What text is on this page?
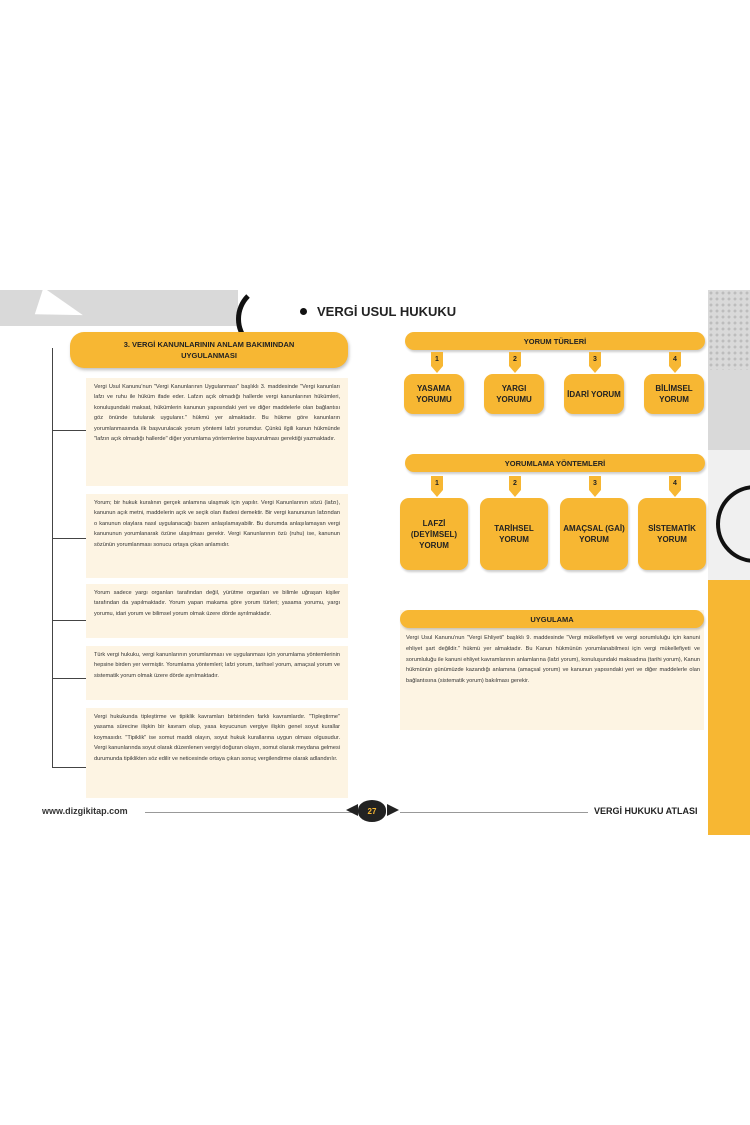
VERGİ USUL HUKUKU
3. VERGİ KANUNLARININ ANLAM BAKIMINDAN
UYGULANMASI
Vergi Usul Kanunu'nun "Vergi Kanunlarının Uygulanması" başlıklı 3. maddesinde "Vergi kanunları lafzı ve ruhu ile hüküm ifade eder. Lafzın açık olmadığı hallerde vergi kanunlarının hükümleri, konuluşundaki maksat, hükümlerin kanunun yapısındaki yeri ve diğer maddelerle olan bağlantısı göz önünde tutularak uygulanır." hükmü yer almaktadır. Bu hükme göre kanunların yorumlanmasında ilk başvurulacak yorum yöntemi lafzi yorumdur. Çünkü ilgili kanun hükmünde "lafzın açık olmadığı hallerde" diğer yorumlama yöntemlerine başvurulması gerektiği yazmaktadır.
Yorum; bir hukuk kuralının gerçek anlamına ulaşmak için yapılır. Vergi Kanunlarının sözü (lafzı), kanunun açık metni, maddelerin açık ve seçik olan ifadesi demektir. Bir vergi kanununun lafzından o kanunun olaylara nasıl uygulanacağı bazen anlaşılamayabilir. Bu durumda anlaşılamayan vergi kanununun yorumlanarak özüne ulaşılması gerekir. Vergi Kanunlarının özü (ruhu) ise, kanunun sözünün yorumlanması sonucu ortaya çıkan anlamıdır.
Yorum sadece yargı organları tarafından değil, yürütme organları ve bilimle uğraşan kişiler tarafından da yapılmaktadır. Yorum yapan makama göre yorum türleri; yasama yorumu, yargı yorumu, idari yorum ve bilimsel yorum olmak üzere dörde ayrılmaktadır.
Türk vergi hukuku, vergi kanunlarının yorumlanması ve uygulanması için yorumlama yöntemlerinin hepsine birden yer vermiştir. Yorumlama yöntemleri; lafzi yorum, tarihsel yorum, amaçsal yorum ve sistematik yorum olmak üzere dörde ayrılmaktadır.
Vergi hukukunda tipleştirme ve tipiklik kavramları birbirinden farklı kavramlardır. "Tipleştirme" yasama sürecine ilişkin bir kavram olup, yasa koyucunun vergiye ilişkin genel soyut kurallar koymasıdır. "Tipiklik" ise somut maddi olayın, soyut hukuk kurallarına uygun olması olgusudur. Vergi kanunlarında soyut olarak düzenlenen vergiyi doğuran olayın, somut olarak meydana gelmesi durumunda tipiklikten söz edilir ve neticesinde ortaya çıkan sonuç vergilendirme olarak adlandırılır.
YORUM TÜRLERİ
1
YASAMA YORUMU
2
YARGI YORUMU
3
İDARİ YORUM
4
BİLİMSEL YORUM
YORUMLAMA YÖNTEMLERİ
1
LAFZİ (DEYİMSEL) YORUM
2
TARİHSEL YORUM
3
AMAÇSAL (GAİ) YORUM
4
SİSTEMATİK YORUM
UYGULAMA
Vergi Usul Kanunu'nun "Vergi Ehliyeti" başlıklı 9. maddesinde "Vergi mükellefiyeti ve vergi sorumluluğu için kanuni ehliyet şart değildir." hükmü yer almaktadır. Bu Kanun hükmünün yorumlanabilmesi için vergi mükellefiyeti ve sorumluluğu ile kanuni ehliyet kavramlarının anlamlarına (lafzi yorum), konuluşundaki maksadına (tarihi yorum), Kanun hükmünün günümüzde kazandığı anlamına (amaçsal yorum) ve kanunun yapısındaki yeri ve diğer maddelerle olan bağlantısına (sistematik yorum) bakılması gerekir.
www.dizgikitap.com	27	VERGİ HUKUKU ATLASI
